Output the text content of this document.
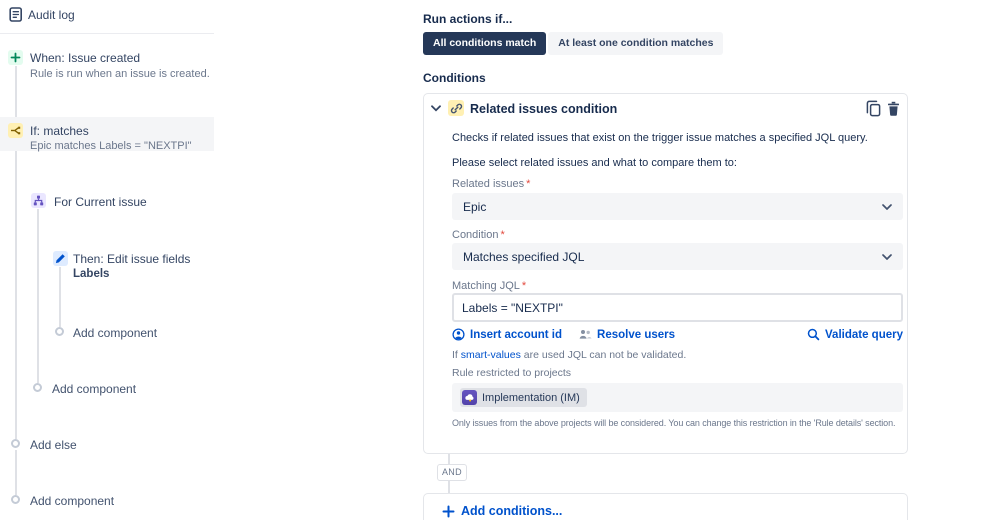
Audit log
When: Issue created
Rule is run when an issue is created.
If: matches
Epic matches Labels = "NEXTPI"
For Current issue
Then: Edit issue fields
Labels
Add component
Add component
Add else
Add component
Run actions if...
All conditions match At least one condition matches
Conditions
Related issues condition
Checks if related issues that exist on the trigger issue matches a specified JQL query.
Please select related issues and what to compare them to:
Related issues *
Epic
Condition *
Matches specified JQL
Matching JQL *
Labels = "NEXTPI"
Insert account id	Resolve users	Validate query
If smart-values are used JQL can not be validated.
Rule restricted to projects
Implementation (IM)
Only issues from the above projects will be considered. You can change this restriction in the 'Rule details' section.
AND
Add conditions...
